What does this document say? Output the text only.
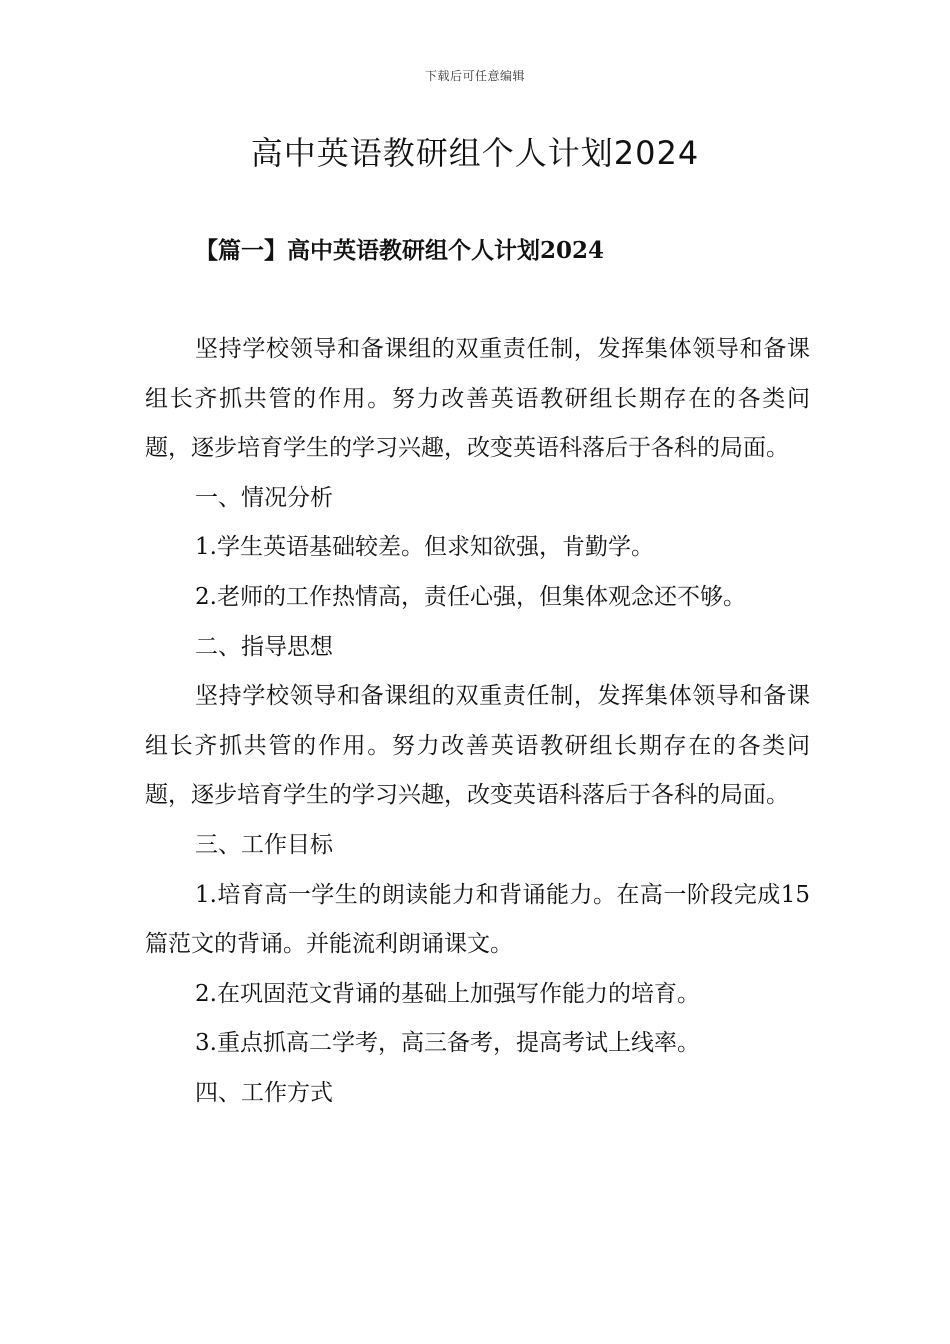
下载后可任意编辑
高中英语教研组个人计划2024
【篇一】高中英语教研组个人计划2024

坚持学校领导和备课组的双重责任制，发挥集体领导和备课组长齐抓共管的作用。努力改善英语教研组长期存在的各类问题，逐步培育学生的学习兴趣，改变英语科落后于各科的局面。

一、情况分析

1.学生英语基础较差。但求知欲强，肯勤学。

2.老师的工作热情高，责任心强，但集体观念还不够。

二、指导思想

坚持学校领导和备课组的双重责任制，发挥集体领导和备课组长齐抓共管的作用。努力改善英语教研组长期存在的各类问题，逐步培育学生的学习兴趣，改变英语科落后于各科的局面。

三、工作目标

1.培育高一学生的朗读能力和背诵能力。在高一阶段完成15篇范文的背诵。并能流利朗诵课文。

2.在巩固范文背诵的基础上加强写作能力的培育。

3.重点抓高二学考，高三备考，提高考试上线率。

四、工作方式
